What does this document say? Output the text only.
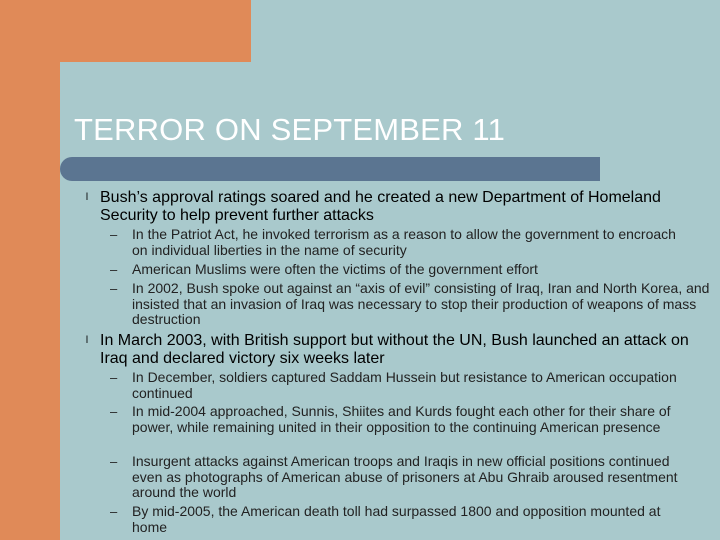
TERROR ON SEPTEMBER 11
l Bush’s approval ratings soared and he created a new Department of Homeland Security to help prevent further attacks

– In the Patriot Act, he invoked terrorism as a reason to allow the government to encroach on individual liberties in the name of security

– American Muslims were often the victims of the government effort

– In 2002, Bush spoke out against an “axis of evil” consisting of Iraq, Iran and North Korea, and insisted that an invasion of Iraq was necessary to stop their production of weapons of mass destruction

l In March 2003, with British support but without the UN, Bush launched an attack on Iraq and declared victory six weeks later

– In December, soldiers captured Saddam Hussein but resistance to American occupation continued

– In mid-2004 approached, Sunnis, Shiites and Kurds fought each other for their share of power, while remaining united in their opposition to the continuing American presence

– Insurgent attacks against American troops and Iraqis in new official positions continued even as photographs of American abuse of prisoners at Abu Ghraib aroused resentment around the world

– By mid-2005, the American death toll had surpassed 1800 and opposition mounted at home
